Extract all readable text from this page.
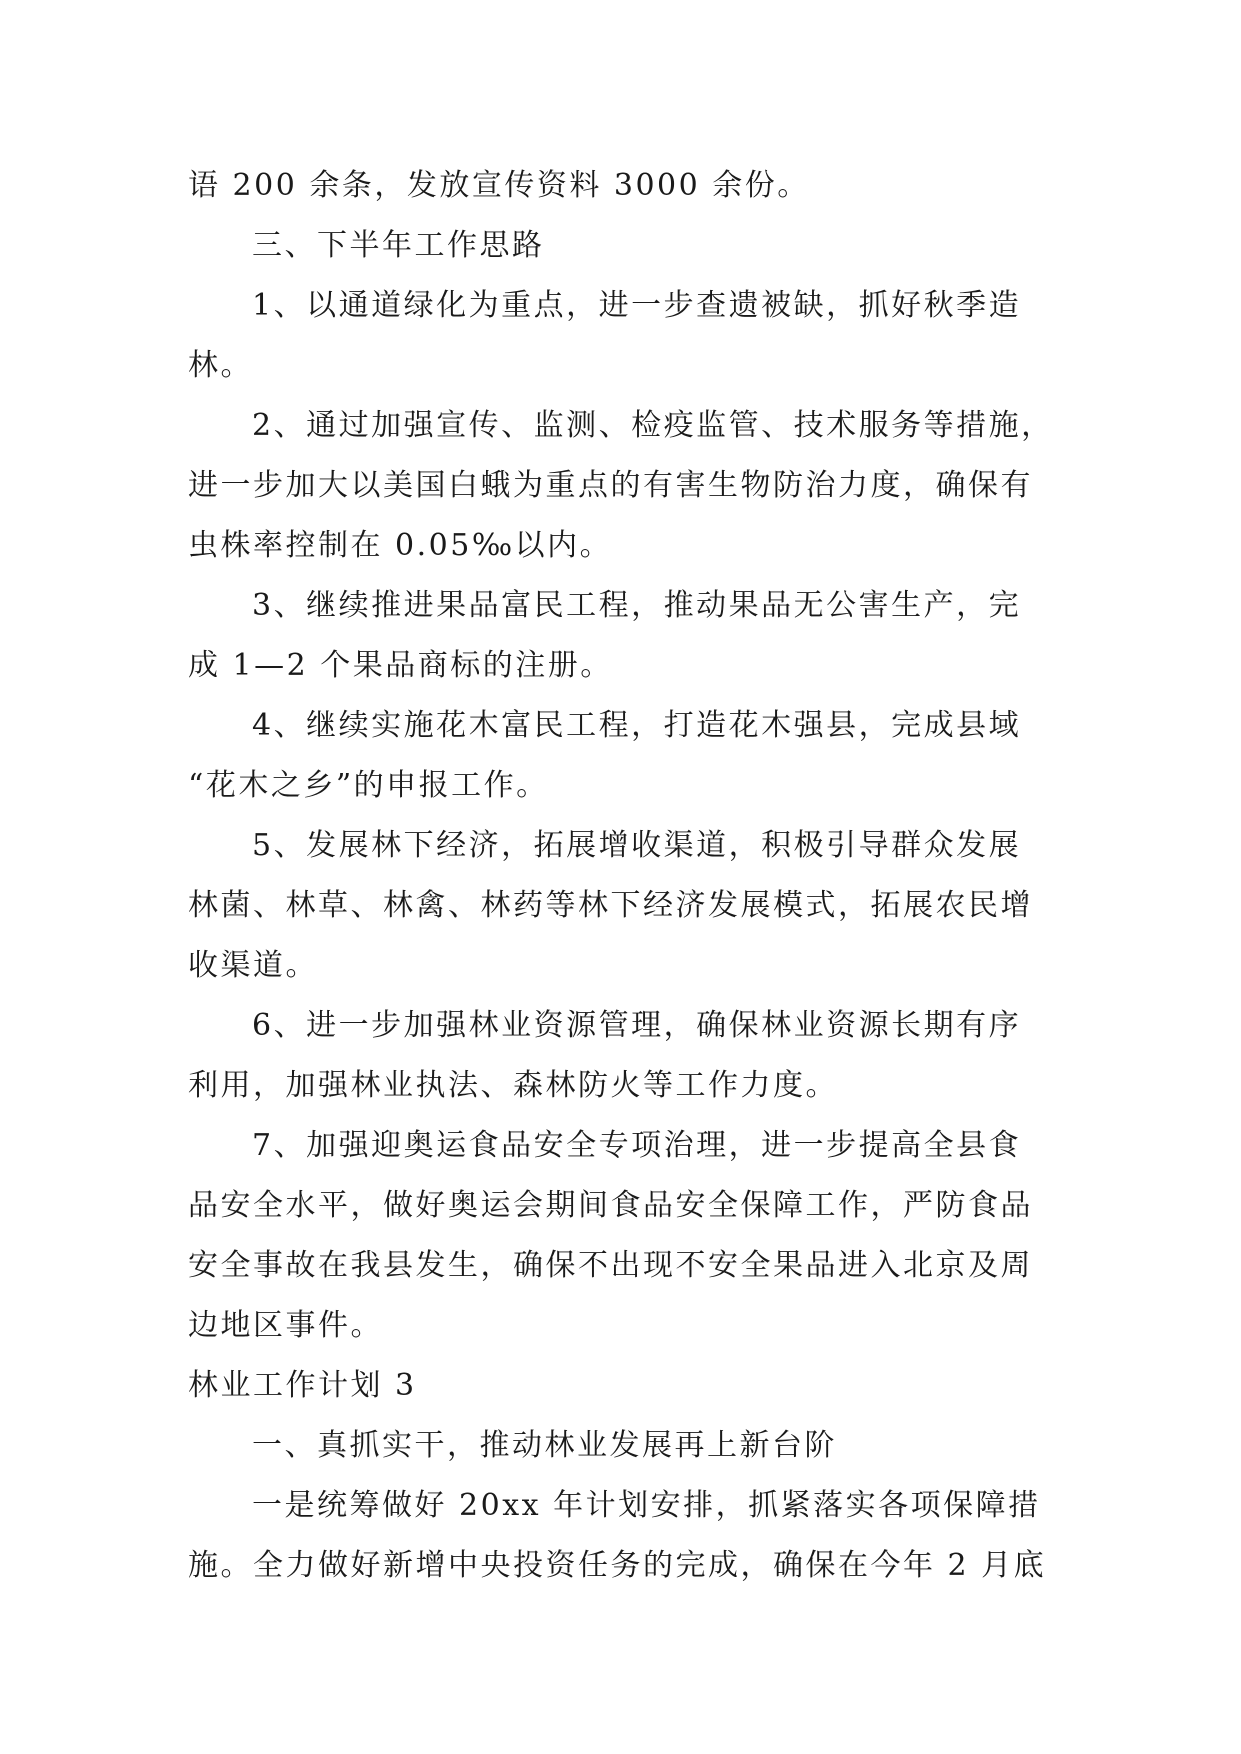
语 200 余条，发放宣传资料 3000 余份。
三、下半年工作思路
1、以通道绿化为重点，进一步查遗被缺，抓好秋季造
林。
2、通过加强宣传、监测、检疫监管、技术服务等措施，
进一步加大以美国白蛾为重点的有害生物防治力度，确保有
虫株率控制在 0.05‰以内。
3、继续推进果品富民工程，推动果品无公害生产，完
成 1—2 个果品商标的注册。
4、继续实施花木富民工程，打造花木强县，完成县域
“花木之乡”的申报工作。
5、发展林下经济，拓展增收渠道，积极引导群众发展
林菌、林草、林禽、林药等林下经济发展模式，拓展农民增
收渠道。
6、进一步加强林业资源管理，确保林业资源长期有序
利用，加强林业执法、森林防火等工作力度。
7、加强迎奥运食品安全专项治理，进一步提高全县食
品安全水平，做好奥运会期间食品安全保障工作，严防食品
安全事故在我县发生，确保不出现不安全果品进入北京及周
边地区事件。
林业工作计划 3
一、真抓实干，推动林业发展再上新台阶
一是统筹做好 20xx 年计划安排，抓紧落实各项保障措
施。全力做好新增中央投资任务的完成，确保在今年 2 月底
